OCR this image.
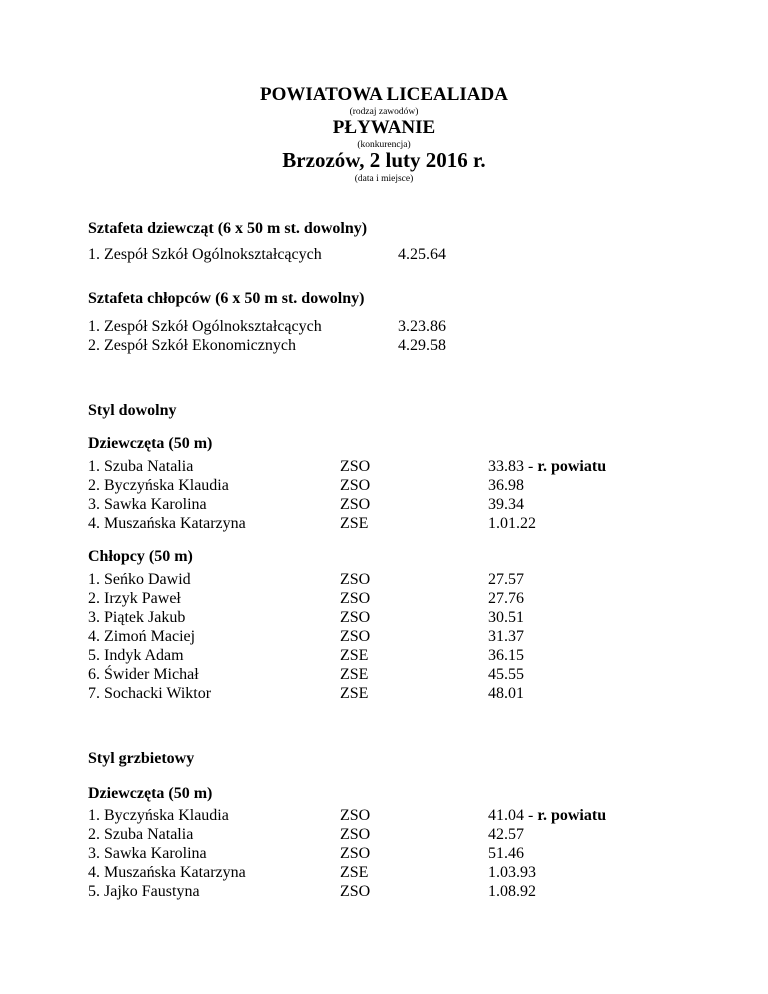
POWIATOWA LICEALIADA
(rodzaj zawodów)
PŁYWANIE
(konkurencja)
Brzozów, 2 luty 2016 r.
(data i miejsce)
Sztafeta dziewcząt (6 x 50 m st. dowolny)
1. Zespół Szkół Ogólnokształcących	4.25.64
Sztafeta chłopców (6 x 50 m st. dowolny)
1. Zespół Szkół Ogólnokształcących	3.23.86
2. Zespół Szkół Ekonomicznych	4.29.58
Styl dowolny
Dziewczęta (50 m)
1. Szuba Natalia	ZSO	33.83 - r. powiatu
2. Byczyńska Klaudia	ZSO	36.98
3. Sawka Karolina	ZSO	39.34
4. Muszańska Katarzyna	ZSE	1.01.22
Chłopcy (50 m)
1. Seńko Dawid	ZSO	27.57
2. Irzyk Paweł	ZSO	27.76
3. Piątek Jakub	ZSO	30.51
4. Zimoń Maciej	ZSO	31.37
5. Indyk Adam	ZSE	36.15
6. Świder Michał	ZSE	45.55
7. Sochacki Wiktor	ZSE	48.01
Styl grzbietowy
Dziewczęta (50 m)
1. Byczyńska Klaudia	ZSO	41.04 - r. powiatu
2. Szuba Natalia	ZSO	42.57
3. Sawka Karolina	ZSO	51.46
4. Muszańska Katarzyna	ZSE	1.03.93
5. Jajko Faustyna	ZSO	1.08.92
